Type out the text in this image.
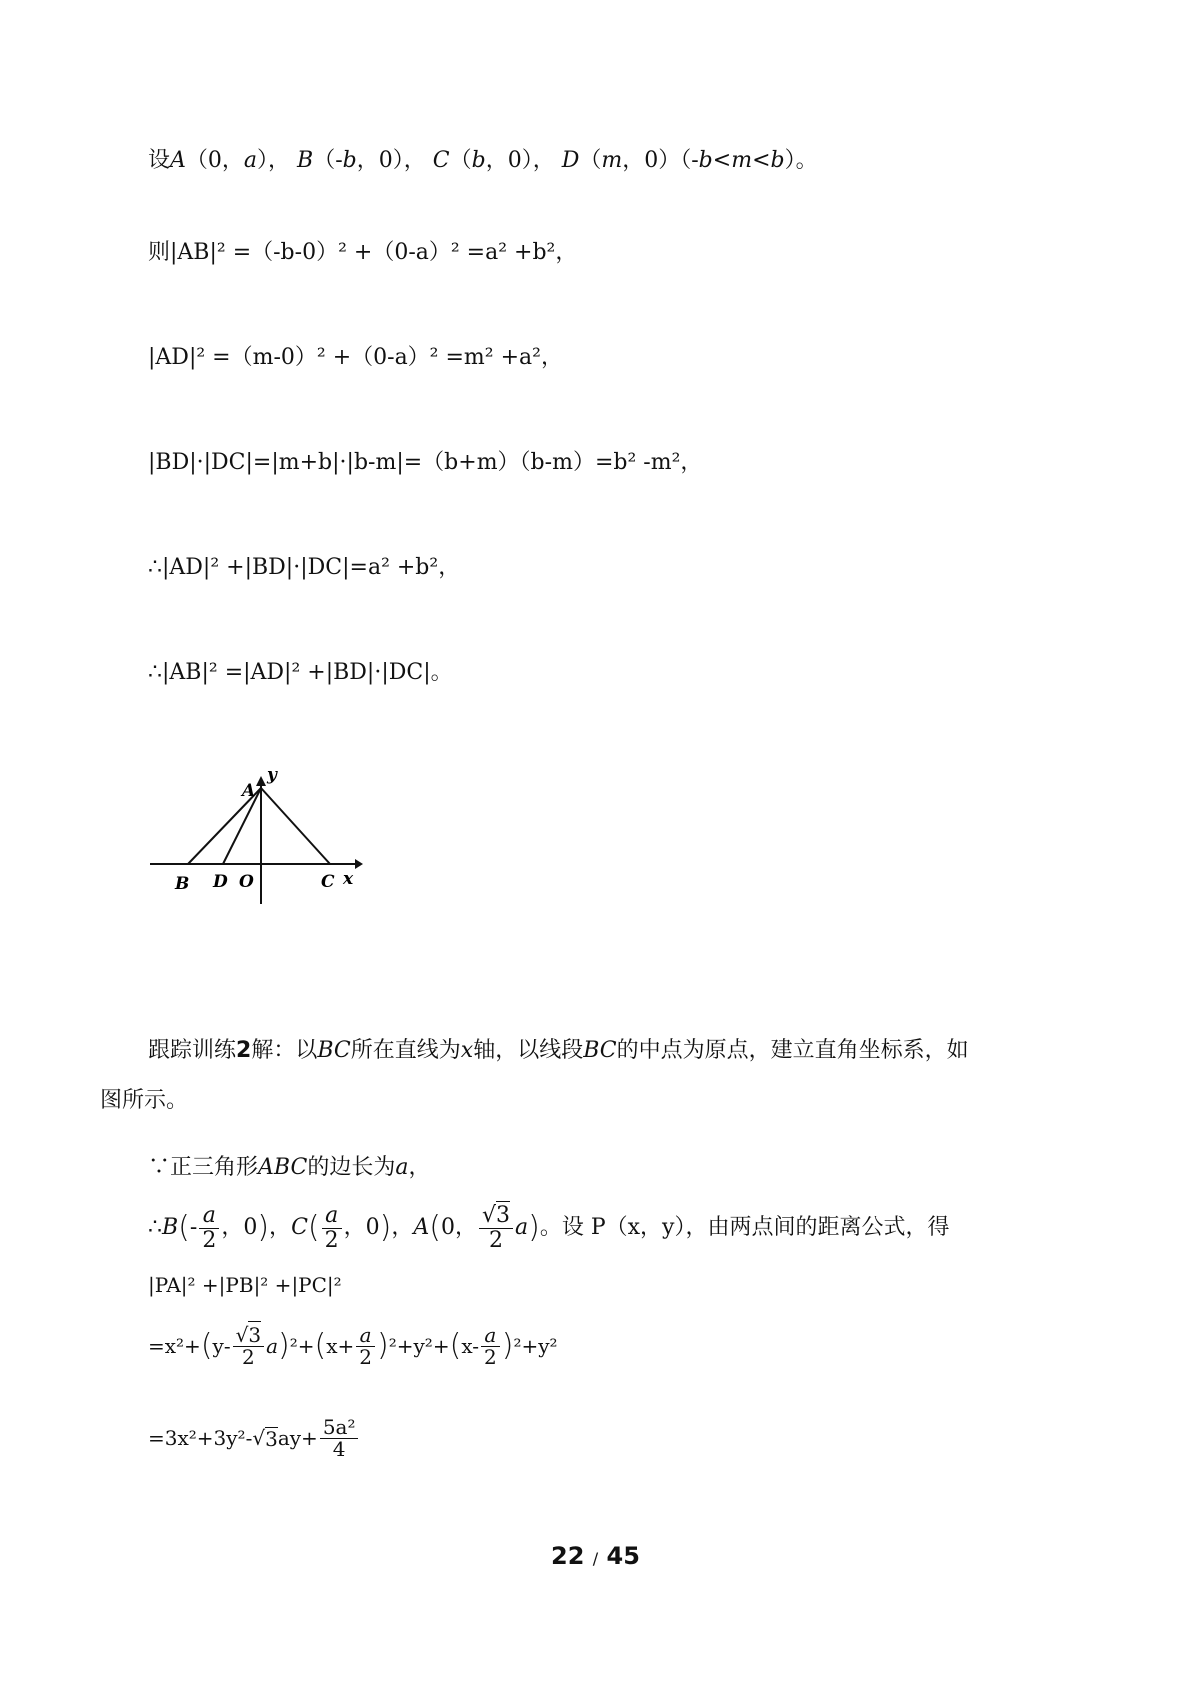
设A（0，a）， B（-b，0）， C（b，0）， D（m，0）（-b<m<b）。
则|AB|² =（-b-0）² +（0-a）² =a² +b²，
|AD|² =（m-0）² +（0-a）² =m² +a²，
|BD|·|DC|=|m+b|·|b-m|=（b+m）（b-m）=b² -m²，
∴|AD|² +|BD|·|DC|=a² +b²，
∴|AB|² =|AD|² +|BD|·|DC|。
A
y
B D O	C x
跟踪训练2解：以BC所在直线为x轴，以线段BC的中点为原点，建立直角坐标系，如
图所示。
∵正三角形ABC的边长为a，
∴ B ( - $\frac{a}{2}$ ，0 ) ， C ( $\frac{a}{2}$ ，0 ) ， A ( 0， $\frac{√3}{2}$ a ) 。设 P（x，y），由两点间的距离公式，得
|PA|² +|PB|² +|PC|²
=x²+ ( $y- \frac{√3}{2}$ a ) ²+ ( $x+ \frac{a}{2}$ ) ²+y²+ ( $x- \frac{a}{2}$ ) ²+y²
=3x²+3y²-√ 3 $ay+ \frac{\text{5a²}}{4}$
22 / 45
